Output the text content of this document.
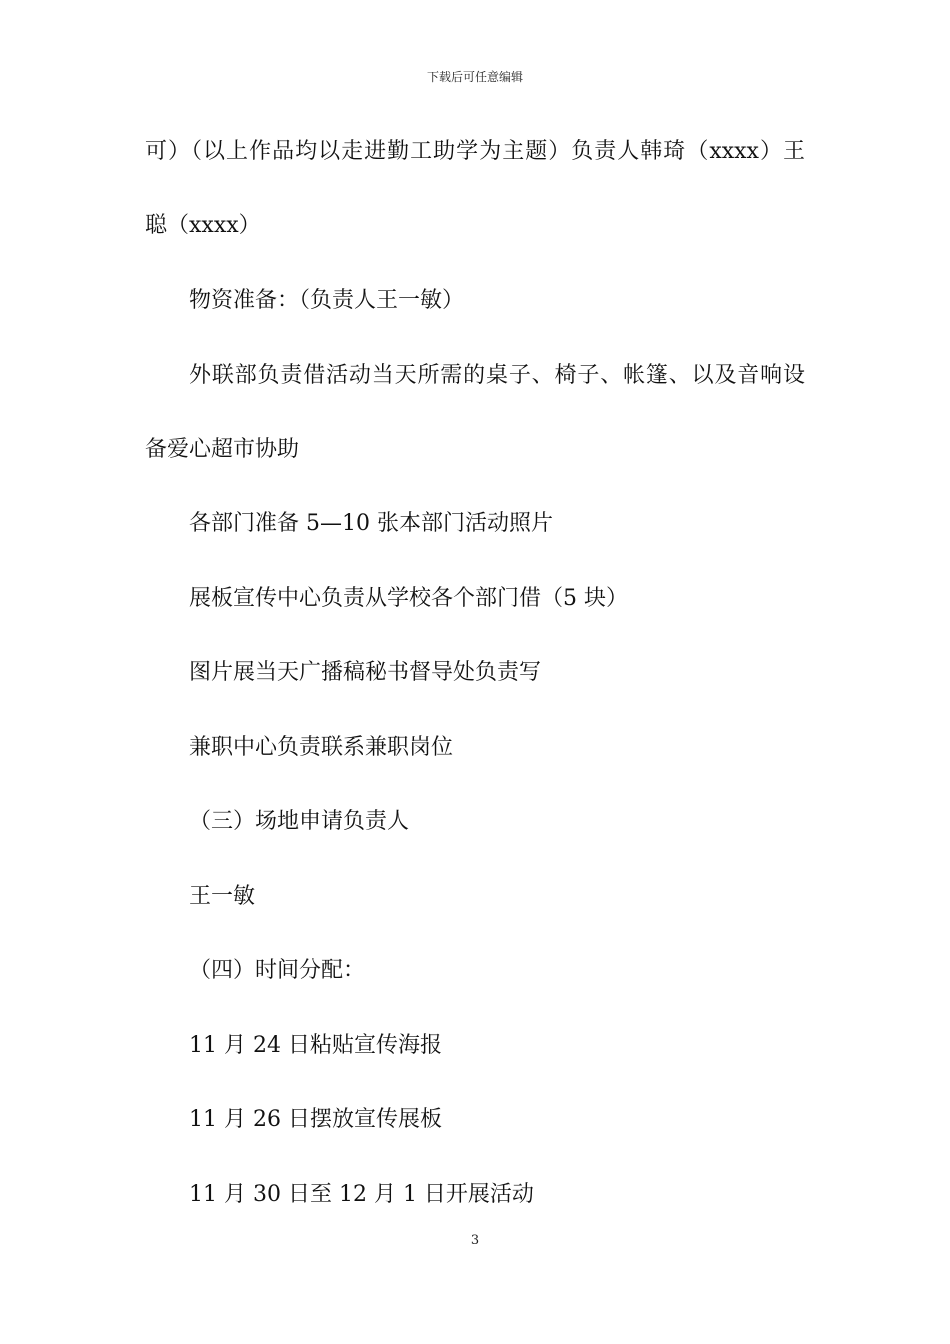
下载后可任意编辑
可）（以上作品均以走进勤工助学为主题）负责人韩琦（xxxx）王
聪（xxxx）
物资准备：（负责人王一敏）
外联部负责借活动当天所需的桌子、椅子、帐篷、以及音响设
备爱心超市协助
各部门准备 5—10 张本部门活动照片
展板宣传中心负责从学校各个部门借（5 块）
图片展当天广播稿秘书督导处负责写
兼职中心负责联系兼职岗位
（三）场地申请负责人
王一敏
（四）时间分配：
11 月 24 日粘贴宣传海报
11 月 26 日摆放宣传展板
11 月 30 日至 12 月 1 日开展活动
3
